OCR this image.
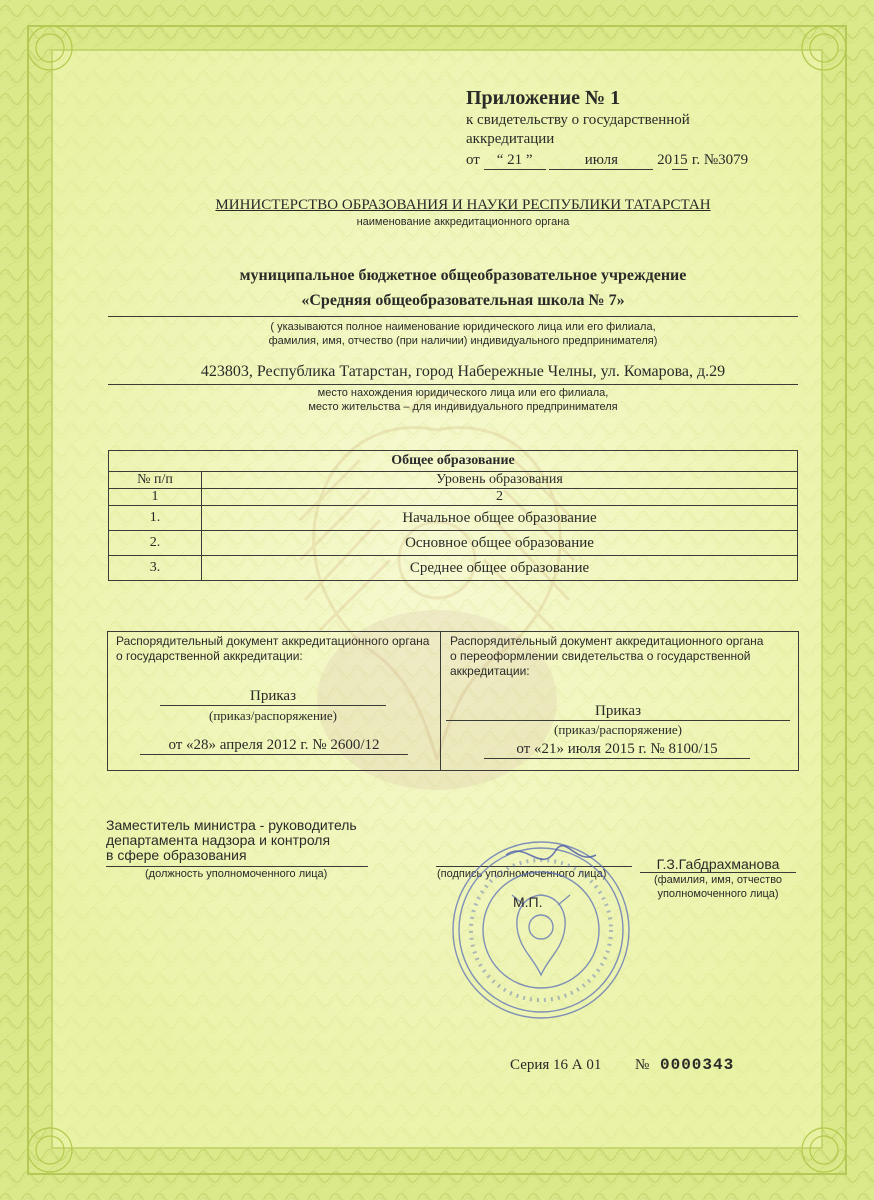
Приложение № 1
к свидетельству о государственной
аккредитации
от “ 21 ”	июля	2015 г. №3079
МИНИСТЕРСТВО ОБРАЗОВАНИЯ И НАУКИ РЕСПУБЛИКИ ТАТАРСТАН
наименование аккредитационного органа
муниципальное бюджетное общеобразовательное учреждение
«Средняя общеобразовательная школа № 7»
( указываются полное наименование юридического лица или его филиала,
фамилия, имя, отчество (при наличии) индивидуального предпринимателя)
423803, Республика Татарстан, город Набережные Челны, ул. Комарова, д.29
место нахождения юридического лица или его филиала,
место жительства – для индивидуального предпринимателя
Общее образование	
№ п/п	Уровень образования
1	2
1.	Начальное общее образование
2.	Основное общее образование
3.	Среднее общее образование
Распорядительный документ аккредитационного органа о государственной аккредитации:
Приказ
(приказ/распоряжение)
от «28» апреля 2012 г. № 2600/12
Распорядительный документ аккредитационного органа о переоформлении свидетельства о государственной аккредитации:
Приказ
(приказ/распоряжение)
от «21» июля 2015 г. № 8100/15
Заместитель министра - руководитель
департамента надзора и контроля
в сфере образования
(должность уполномоченного лица)	(подпись уполномоченного лица)
Г.З.Габдрахманова
(фамилия, имя, отчество
уполномоченного лица)
М.П.
Серия 16 А 01 № 0000343
